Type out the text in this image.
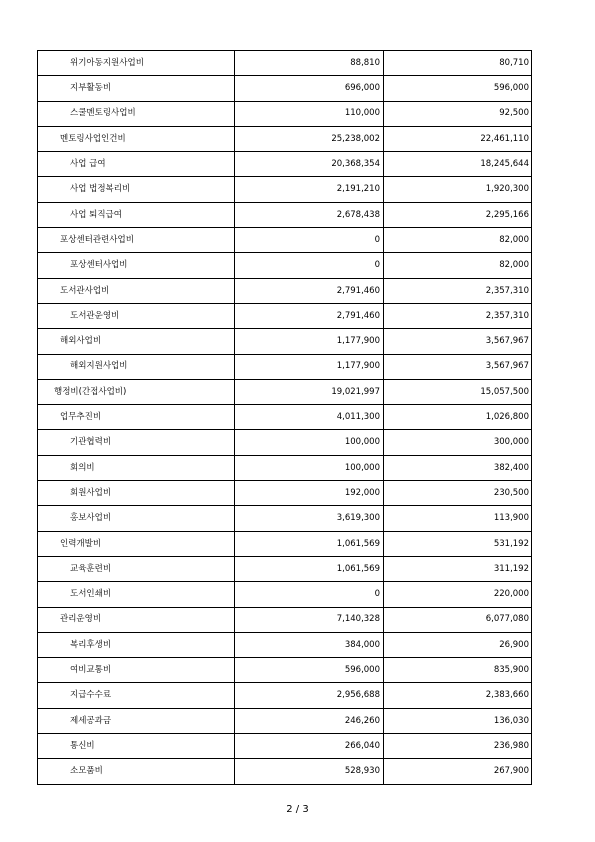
위기아동지원사업비	88,810	80,710
지부활동비	696,000	596,000
스쿨멘토링사업비	110,000	92,500
멘토링사업인건비	25,238,002	22,461,110
사업 급여	20,368,354	18,245,644
사업 법정복리비	2,191,210	1,920,300
사업 퇴직급여	2,678,438	2,295,166
포상센터관련사업비	0	82,000
포상센터사업비	0	82,000
도서관사업비	2,791,460	2,357,310
도서관운영비	2,791,460	2,357,310
해외사업비	1,177,900	3,567,967
해외지원사업비	1,177,900	3,567,967
행정비(간접사업비)	19,021,997	15,057,500
업무추진비	4,011,300	1,026,800
기관협력비	100,000	300,000
회의비	100,000	382,400
회원사업비	192,000	230,500
홍보사업비	3,619,300	113,900
인력개발비	1,061,569	531,192
교육훈련비	1,061,569	311,192
도서인쇄비	0	220,000
관리운영비	7,140,328	6,077,080
복리후생비	384,000	26,900
여비교통비	596,000	835,900
지급수수료	2,956,688	2,383,660
제세공과금	246,260	136,030
통신비	266,040	236,980
소모품비	528,930	267,900
2 / 3
